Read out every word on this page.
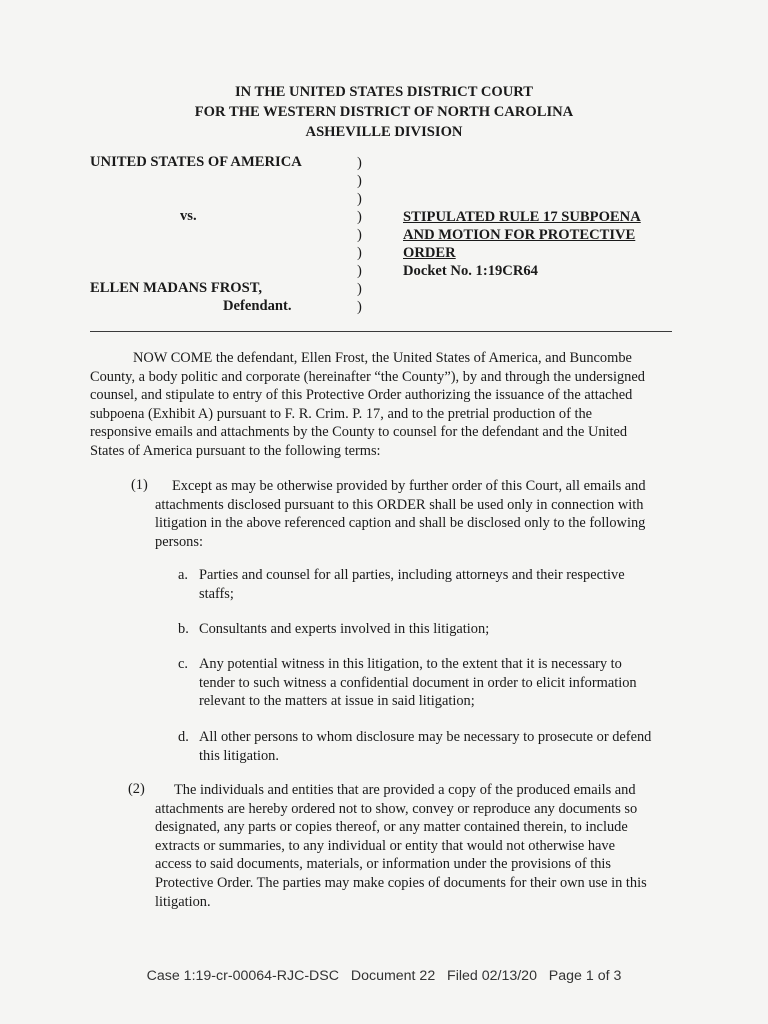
IN THE UNITED STATES DISTRICT COURT
FOR THE WESTERN DISTRICT OF NORTH CAROLINA
ASHEVILLE DIVISION
UNITED STATES OF AMERICA
vs.
ELLEN MADANS FROST,
Defendant.
)
)
)
)
)
)
)
)
)
STIPULATED RULE 17 SUBPOENA
AND MOTION FOR PROTECTIVE
ORDER
Docket No. 1:19CR64
NOW COME the defendant, Ellen Frost, the United States of America, and Buncombe
County, a body politic and corporate (hereinafter “the County”), by and through the undersigned
counsel, and stipulate to entry of this Protective Order authorizing the issuance of the attached
subpoena (Exhibit A) pursuant to F. R. Crim. P. 17, and to the pretrial production of the
responsive emails and attachments by the County to counsel for the defendant and the United
States of America pursuant to the following terms:
(1)	Except as may be otherwise provided by further order of this Court, all emails and
attachments disclosed pursuant to this ORDER shall be used only in connection with
litigation in the above referenced caption and shall be disclosed only to the following
persons:
a. Parties and counsel for all parties, including attorneys and their respective
staffs;
b. Consultants and experts involved in this litigation;
c. Any potential witness in this litigation, to the extent that it is necessary to
tender to such witness a confidential document in order to elicit information
relevant to the matters at issue in said litigation;
d. All other persons to whom disclosure may be necessary to prosecute or defend
this litigation.
(2)	The individuals and entities that are provided a copy of the produced emails and
attachments are hereby ordered not to show, convey or reproduce any documents so
designated, any parts or copies thereof, or any matter contained therein, to include
extracts or summaries, to any individual or entity that would not otherwise have
access to said documents, materials, or information under the provisions of this
Protective Order. The parties may make copies of documents for their own use in this
litigation.
Case 1:19-cr-00064-RJC-DSC   Document 22   Filed 02/13/20   Page 1 of 3
